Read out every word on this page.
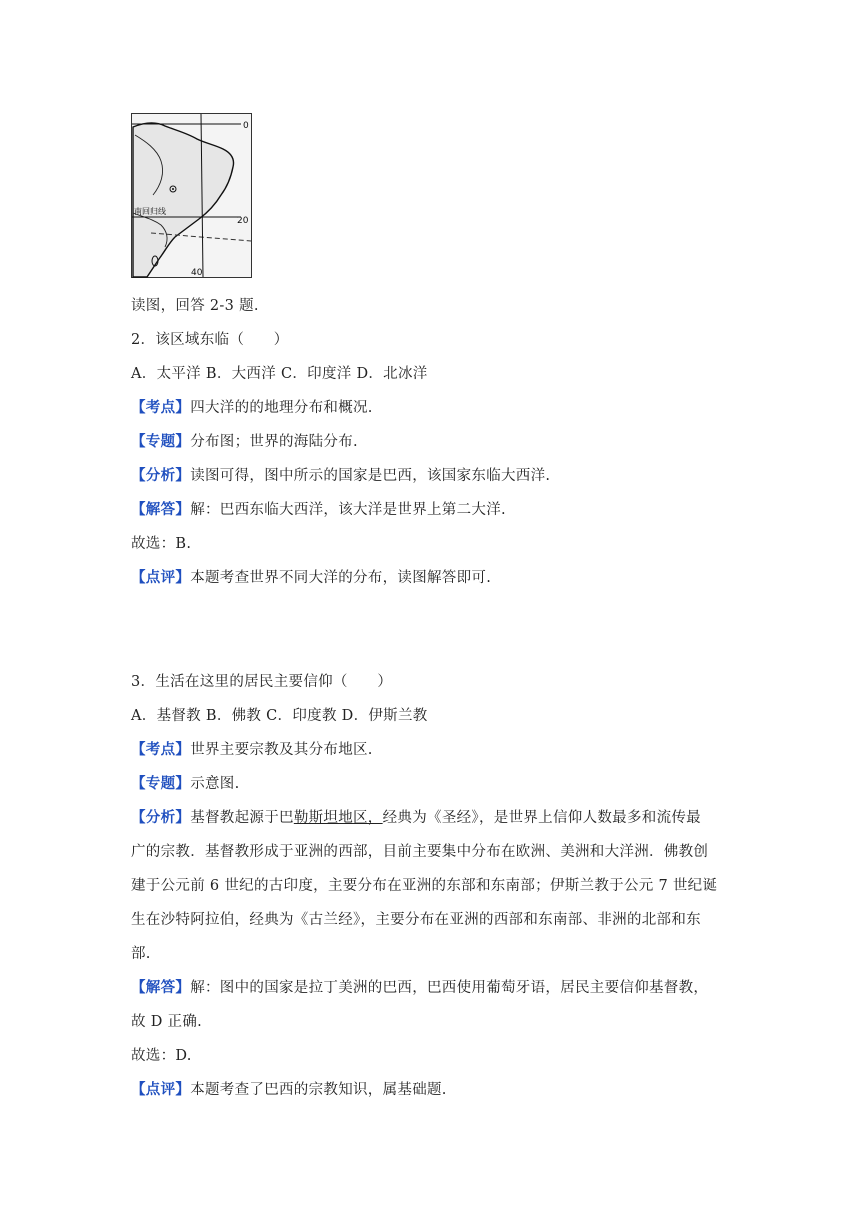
0
南回归线
20
40
读图，回答 2-3 题.
2．该区域东临（　　）
A．太平洋 B．大西洋 C．印度洋 D．北冰洋
【考点】四大洋的的地理分布和概况.
【专题】分布图；世界的海陆分布.
【分析】读图可得，图中所示的国家是巴西，该国家东临大西洋.
【解答】解：巴西东临大西洋，该大洋是世界上第二大洋.
故选：B.
【点评】本题考查世界不同大洋的分布，读图解答即可.
3．生活在这里的居民主要信仰（　　）
A．基督教 B．佛教 C．印度教 D．伊斯兰教
【考点】世界主要宗教及其分布地区.
【专题】示意图.
【分析】基督教起源于巴勒斯坦地区，经典为《圣经》，是世界上信仰人数最多和流传最
广的宗教．基督教形成于亚洲的西部，目前主要集中分布在欧洲、美洲和大洋洲．佛教创
建于公元前 6 世纪的古印度，主要分布在亚洲的东部和东南部；伊斯兰教于公元 7 世纪诞
生在沙特阿拉伯，经典为《古兰经》，主要分布在亚洲的西部和东南部、非洲的北部和东
部.
【解答】解：图中的国家是拉丁美洲的巴西，巴西使用葡萄牙语，居民主要信仰基督教，
故 D 正确.
故选：D.
【点评】本题考查了巴西的宗教知识，属基础题.
